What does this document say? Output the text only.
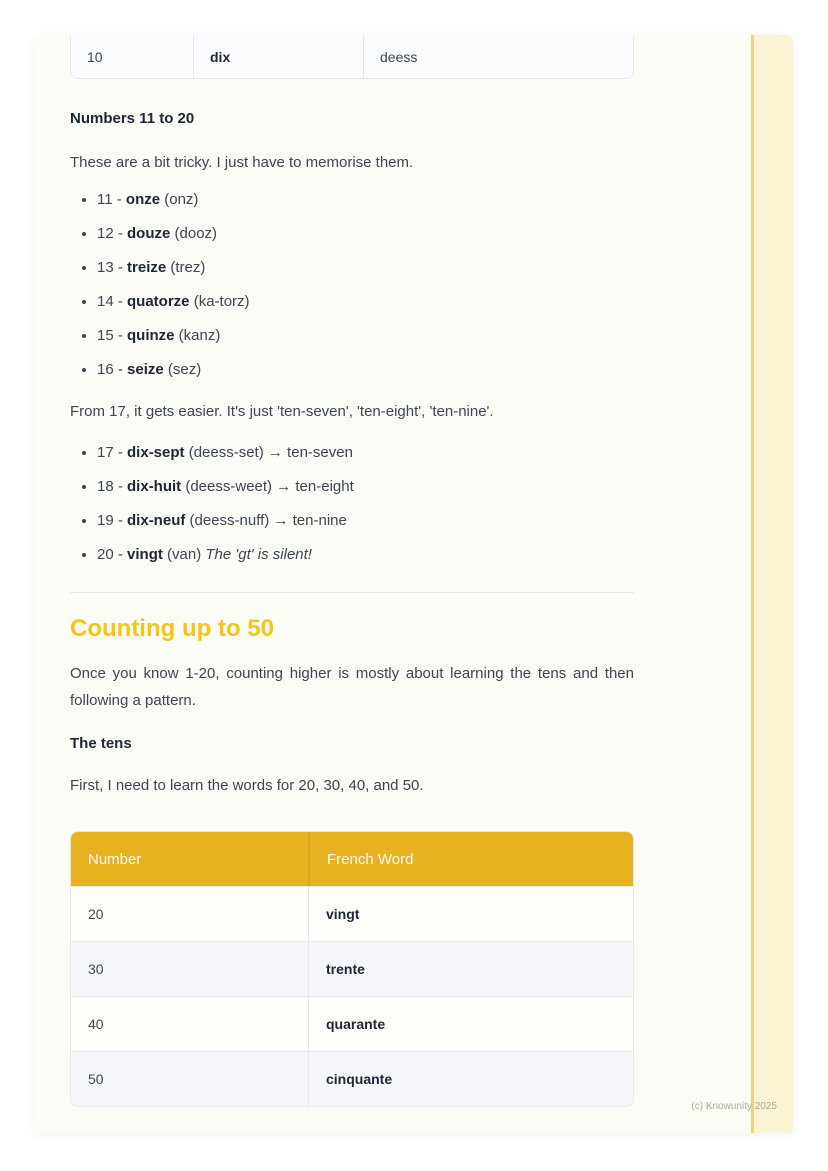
10	dix	deess
Numbers 11 to 20

These are a bit tricky. I just have to memorise them.

• 11 - onze (onz)
• 12 - douze (dooz)
• 13 - treize (trez)
• 14 - quatorze (ka-torz)
• 15 - quinze (kanz)
• 16 - seize (sez)

From 17, it gets easier. It's just 'ten-seven', 'ten-eight', 'ten-nine'.

• 17 - dix-sept (deess-set) → ten-seven
• 18 - dix-huit (deess-weet) → ten-eight
• 19 - dix-neuf (deess-nuff) → ten-nine
• 20 - vingt (van) The 'gt' is silent!
Counting up to 50

Once you know 1-20, counting higher is mostly about learning the tens and then following a pattern.

The tens

First, I need to learn the words for 20, 30, 40, and 50.

Number	French Word
20	vingt
30	trente
40	quarante
50	cinquante
(c) Knowunity 2025
